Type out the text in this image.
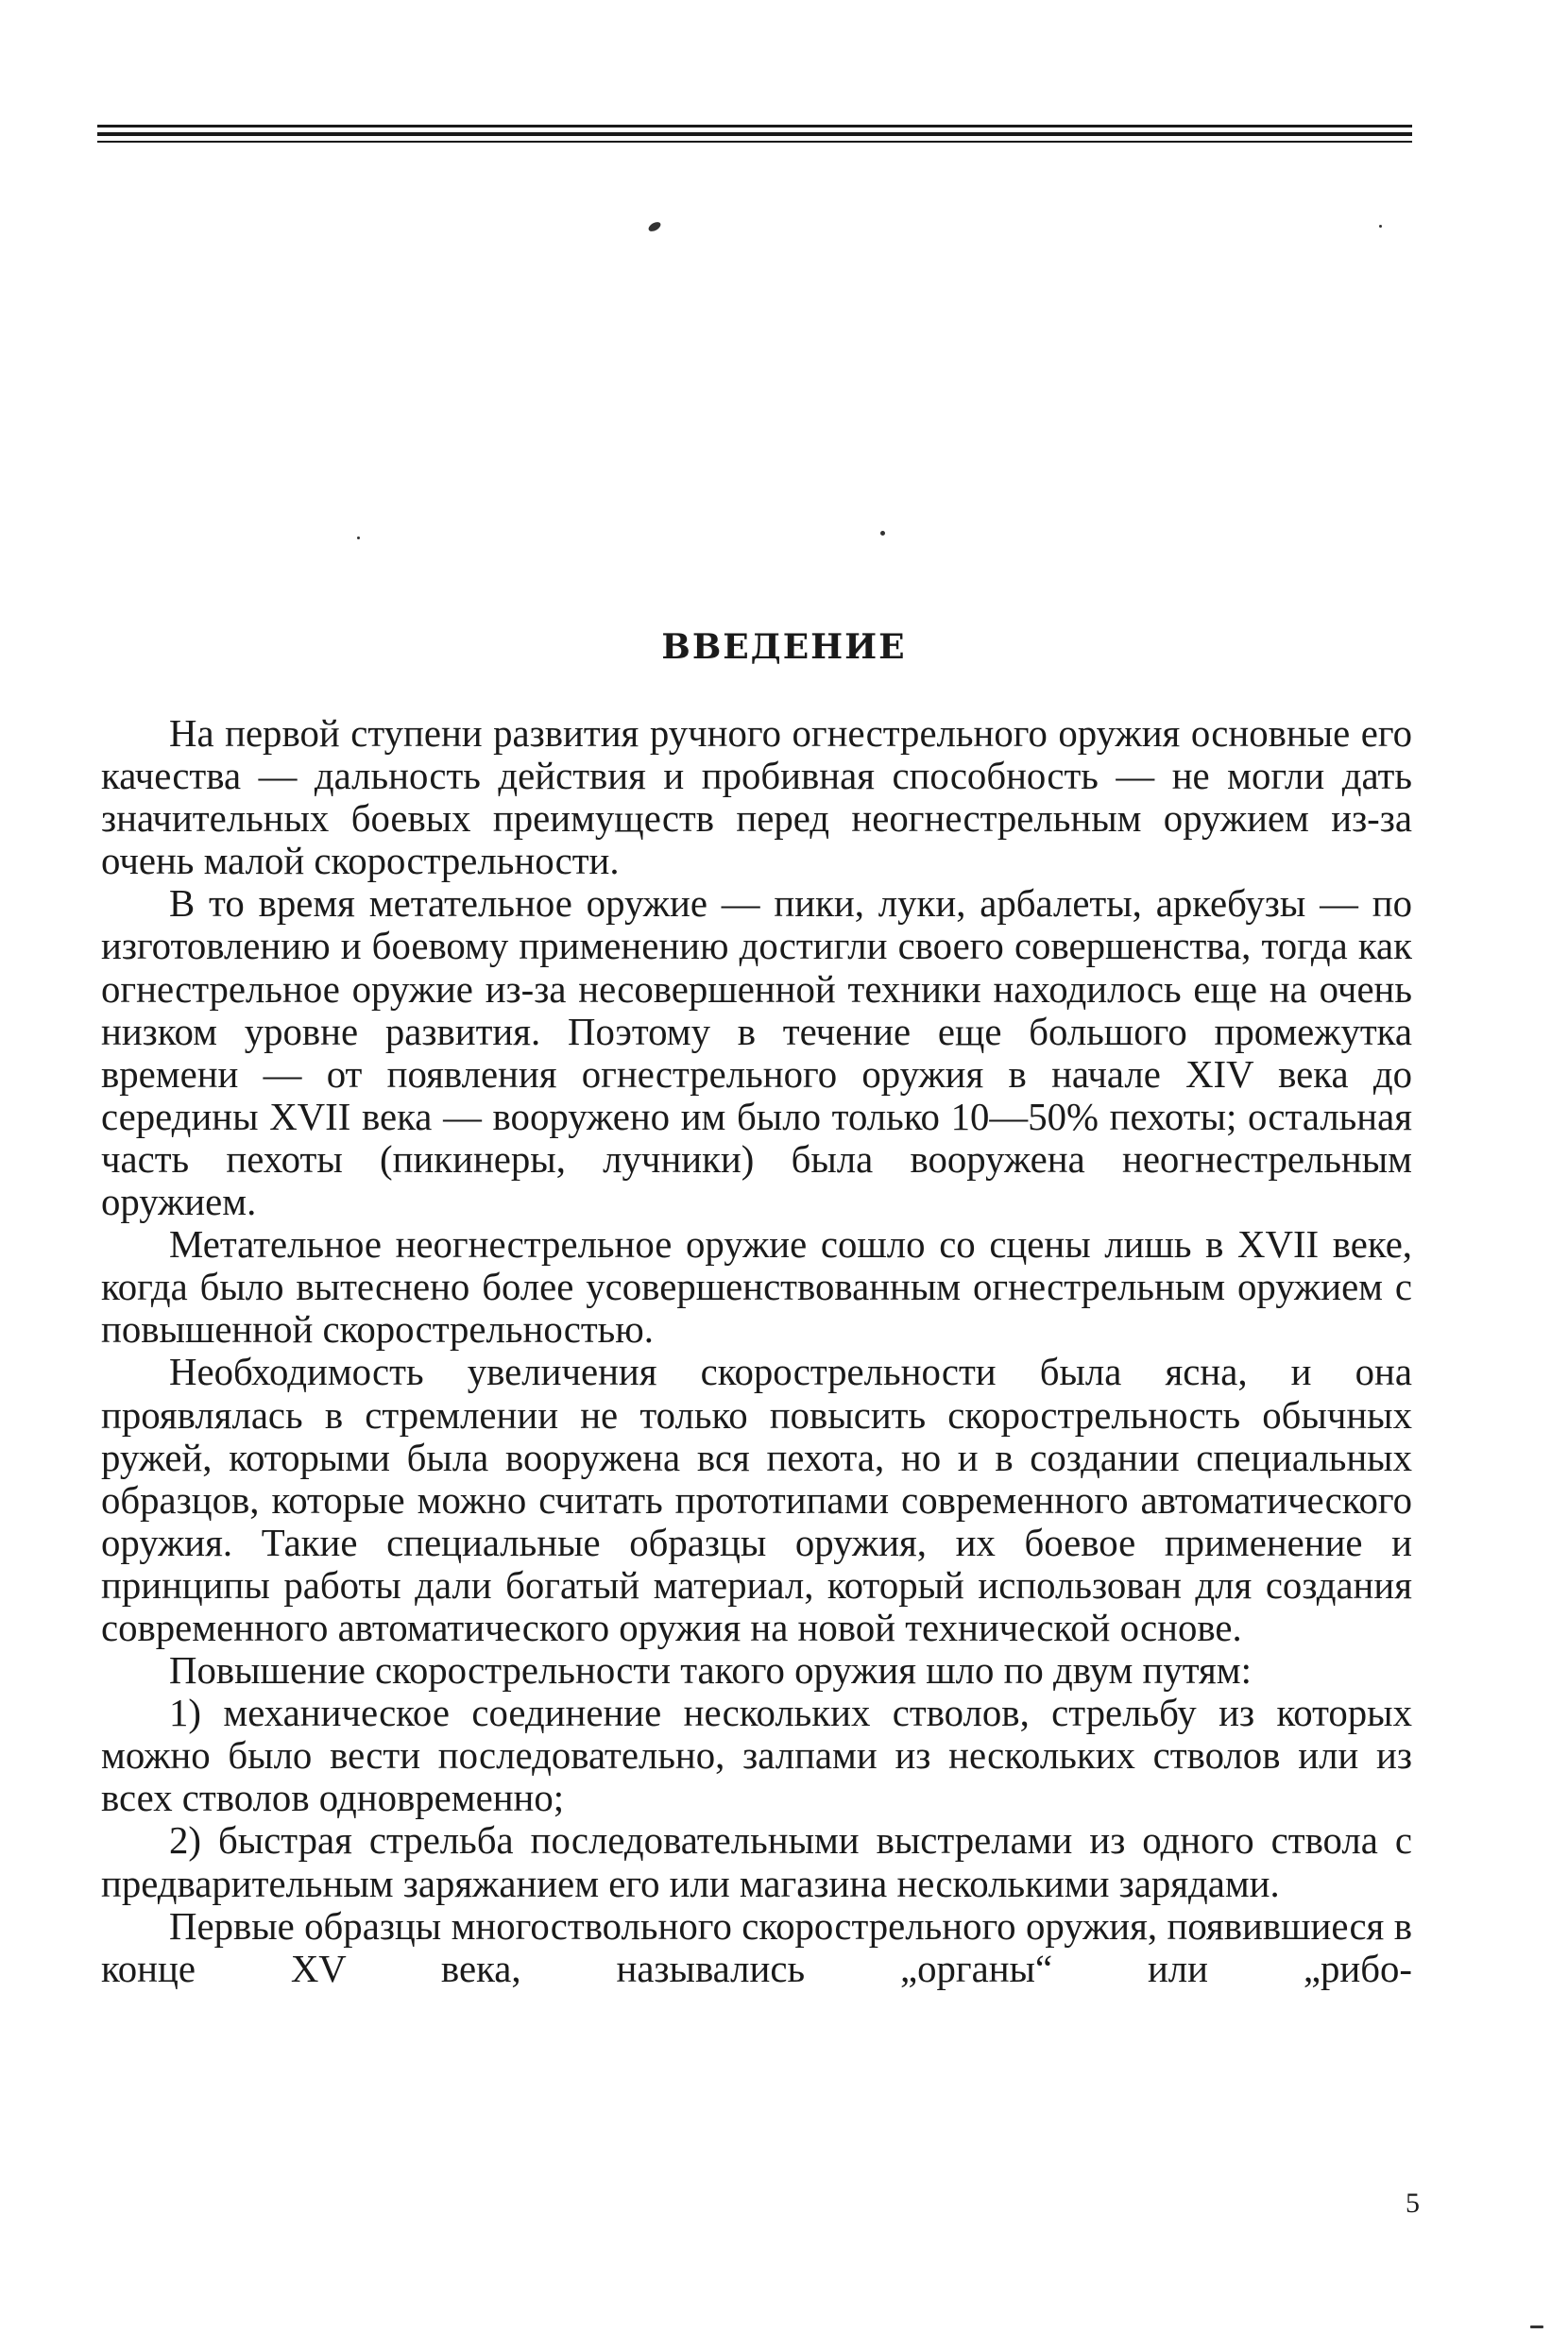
ВВЕДЕНИЕ

На первой ступени развития ручного огнестрельного оружия основные его качества — дальность действия и пробивная способность — не могли дать значительных боевых преимуществ перед неогнестрельным оружием из-за очень малой скорострельности.

В то время метательное оружие — пики, луки, арбалеты, аркебузы — по изготовлению и боевому применению достигли своего совершенства, тогда как огнестрельное оружие из-за несовершенной техники находилось еще на очень низком уровне развития. Поэтому в течение еще большого промежутка времени — от появления огнестрельного оружия в начале XIV века до середины XVII века — вооружено им было только 10—50% пехоты; остальная часть пехоты (пикинеры, лучники) была вооружена неогнестрельным оружием.

Метательное неогнестрельное оружие сошло со сцены лишь в XVII веке, когда было вытеснено более усовершенствованным огнестрельным оружием с повышенной скорострельностью.

Необходимость увеличения скорострельности была ясна, и она проявлялась в стремлении не только повысить скорострельность обычных ружей, которыми была вооружена вся пехота, но и в создании специальных образцов, которые можно считать прототипами современного автоматического оружия. Такие специальные образцы оружия, их боевое применение и принципы работы дали богатый материал, который использован для создания современного автоматического оружия на новой технической основе.

Повышение скорострельности такого оружия шло по двум путям:

1) механическое соединение нескольких стволов, стрельбу из которых можно было вести последовательно, залпами из нескольких стволов или из всех стволов одновременно;

2) быстрая стрельба последовательными выстрелами из одного ствола с предварительным заряжанием его или магазина несколькими зарядами.

Первые образцы многоствольного скорострельного оружия, появившиеся в конце XV века, назывались „органы“ или „рибо-

5
